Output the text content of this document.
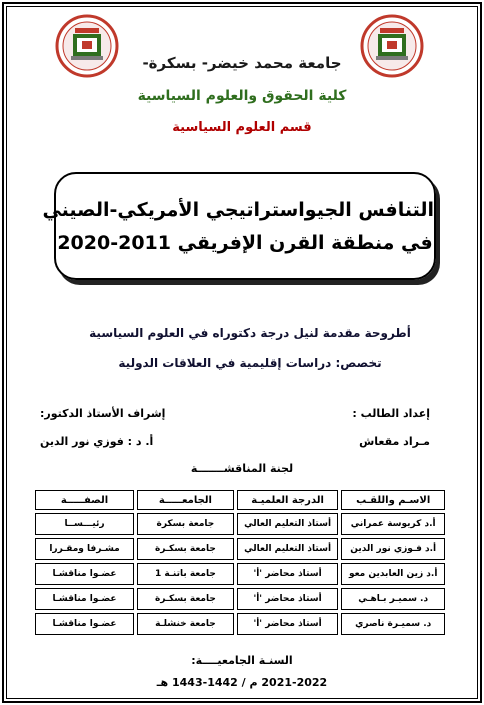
جامعة محمد خيضر- بسكرة-
كلية الحقوق والعلوم السياسية
قسم العلوم السياسية
التنافس الجيواستراتيجي الأمريكي-الصيني
في منطقة القرن الإفريقي 2011-2020
أطروحة مقدمة لنيل درجة دكتوراه في العلوم السياسية
تخصص: دراسات إقليمية في العلاقات الدولية
إعداد الطالب :
مـراد مقعاش
إشراف الأستاذ الدكتور:
أ. د : فوزي نور الدين
لجنة المناقشـــــــة
الاسـم واللقـب	الدرجة العلميـة	الجامعـــــة	الصفـــــة
أ.د كريوسة عمراني	أستاذ التعليم العالي	جامعة بسكرة	رئيـــســا
أ.د فـوزي نور الدين	أستاذ التعليم العالي	جامعة بسكـرة	مشـرفا ومقـررا
أ.د زين العابدين معو	أستاذ محاضر 'أ'	جامعة باتنـة 1	عضـوا مناقشـا
د. سميـر بـاهـي	أستاذ محاضر 'أ'	جامعة بسكـرة	عضـوا مناقشـا
د. سميـرة ناصري	أستاذ محاضر 'أ'	جامعة خنشلـة	عضـوا مناقشـا
السنـة الجامعيــــة:
2021-2022 م / 1442-1443 هـ
